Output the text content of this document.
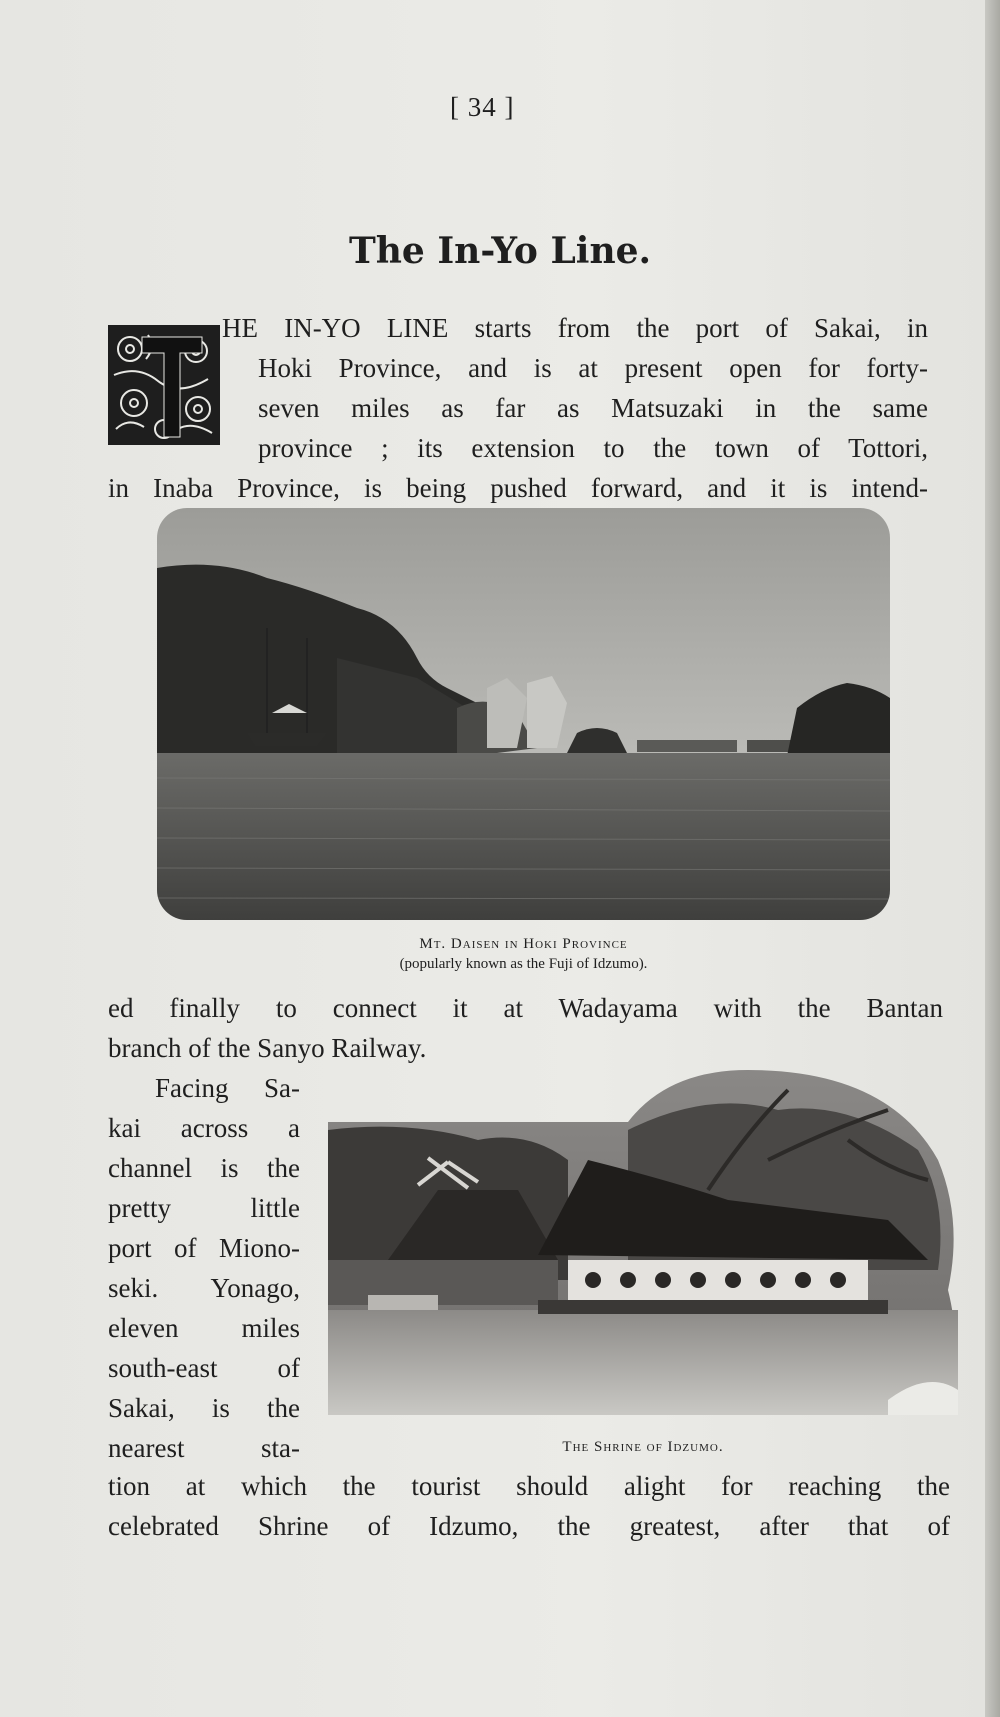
[ 34 ]
The In-Yo Line.
HE IN-YO LINE starts from the port of Sakai, in
Hoki Province, and is at present open for forty-
seven miles as far as Matsuzaki in the same
province ; its extension to the town of Tottori,
in Inaba Province, is being pushed forward, and it is intend-
Mt. Daisen in Hoki Province
(popularly known as the Fuji of Idzumo).
ed finally to connect it at Wadayama with the Bantan
branch of the Sanyo Railway.
Facing Sa-
kai across a
channel is the
pretty little
port of Miono-
seki. Yonago,
eleven miles
south-east of
Sakai, is the
nearest sta-	The Shrine of Idzumo.
tion at which the tourist should alight for reaching the
celebrated Shrine of Idzumo, the greatest, after that of
